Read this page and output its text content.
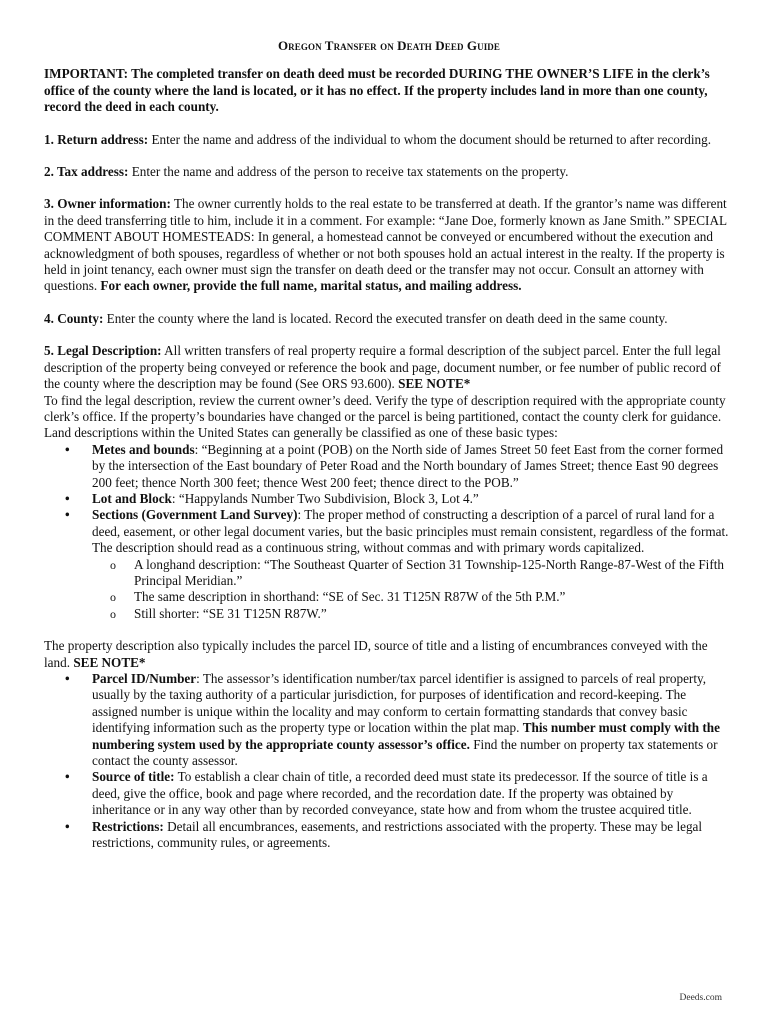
Oregon Transfer on Death Deed Guide

IMPORTANT: The completed transfer on death deed must be recorded DURING THE OWNER’S LIFE in the clerk’s office of the county where the land is located, or it has no effect. If the property includes land in more than one county, record the deed in each county.

1. Return address: Enter the name and address of the individual to whom the document should be returned to after recording.

2. Tax address: Enter the name and address of the person to receive tax statements on the property.

3. Owner information: The owner currently holds to the real estate to be transferred at death. If the grantor’s name was different in the deed transferring title to him, include it in a comment. For example: “Jane Doe, formerly known as Jane Smith.” SPECIAL COMMENT ABOUT HOMESTEADS: In general, a homestead cannot be conveyed or encumbered without the execution and acknowledgment of both spouses, regardless of whether or not both spouses hold an actual interest in the realty. If the property is held in joint tenancy, each owner must sign the transfer on death deed or the transfer may not occur. Consult an attorney with questions. For each owner, provide the full name, marital status, and mailing address.

4. County: Enter the county where the land is located. Record the executed transfer on death deed in the same county.

5. Legal Description: All written transfers of real property require a formal description of the subject parcel. Enter the full legal description of the property being conveyed or reference the book and page, document number, or fee number of public record of the county where the description may be found (See ORS 93.600). SEE NOTE*

To find the legal description, review the current owner’s deed. Verify the type of description required with the appropriate county clerk’s office. If the property’s boundaries have changed or the parcel is being partitioned, contact the county clerk for guidance.

Land descriptions within the United States can generally be classified as one of these basic types:

• Metes and bounds: “Beginning at a point (POB) on the North side of James Street 50 feet East from the corner formed by the intersection of the East boundary of Peter Road and the North boundary of James Street; thence East 90 degrees 200 feet; thence North 300 feet; thence West 200 feet; thence direct to the POB.”
• Lot and Block: “Happylands Number Two Subdivision, Block 3, Lot 4.”
• Sections (Government Land Survey): The proper method of constructing a description of a parcel of rural land for a deed, easement, or other legal document varies, but the basic principles must remain consistent, regardless of the format. The description should read as a continuous string, without commas and with primary words capitalized.
o A longhand description: “The Southeast Quarter of Section 31 Township-125-North Range-87-West of the Fifth Principal Meridian.”
o The same description in shorthand: “SE of Sec. 31 T125N R87W of the 5th P.M.”
o Still shorter: “SE 31 T125N R87W.”

The property description also typically includes the parcel ID, source of title and a listing of encumbrances conveyed with the land. SEE NOTE*

• Parcel ID/Number: The assessor’s identification number/tax parcel identifier is assigned to parcels of real property, usually by the taxing authority of a particular jurisdiction, for purposes of identification and record-keeping. The assigned number is unique within the locality and may conform to certain formatting standards that convey basic identifying information such as the property type or location within the plat map. This number must comply with the numbering system used by the appropriate county assessor’s office. Find the number on property tax statements or contact the county assessor.
• Source of title: To establish a clear chain of title, a recorded deed must state its predecessor. If the source of title is a deed, give the office, book and page where recorded, and the recordation date. If the property was obtained by inheritance or in any way other than by recorded conveyance, state how and from whom the trustee acquired title.
• Restrictions: Detail all encumbrances, easements, and restrictions associated with the property. These may be legal restrictions, community rules, or agreements.
Deeds.com
